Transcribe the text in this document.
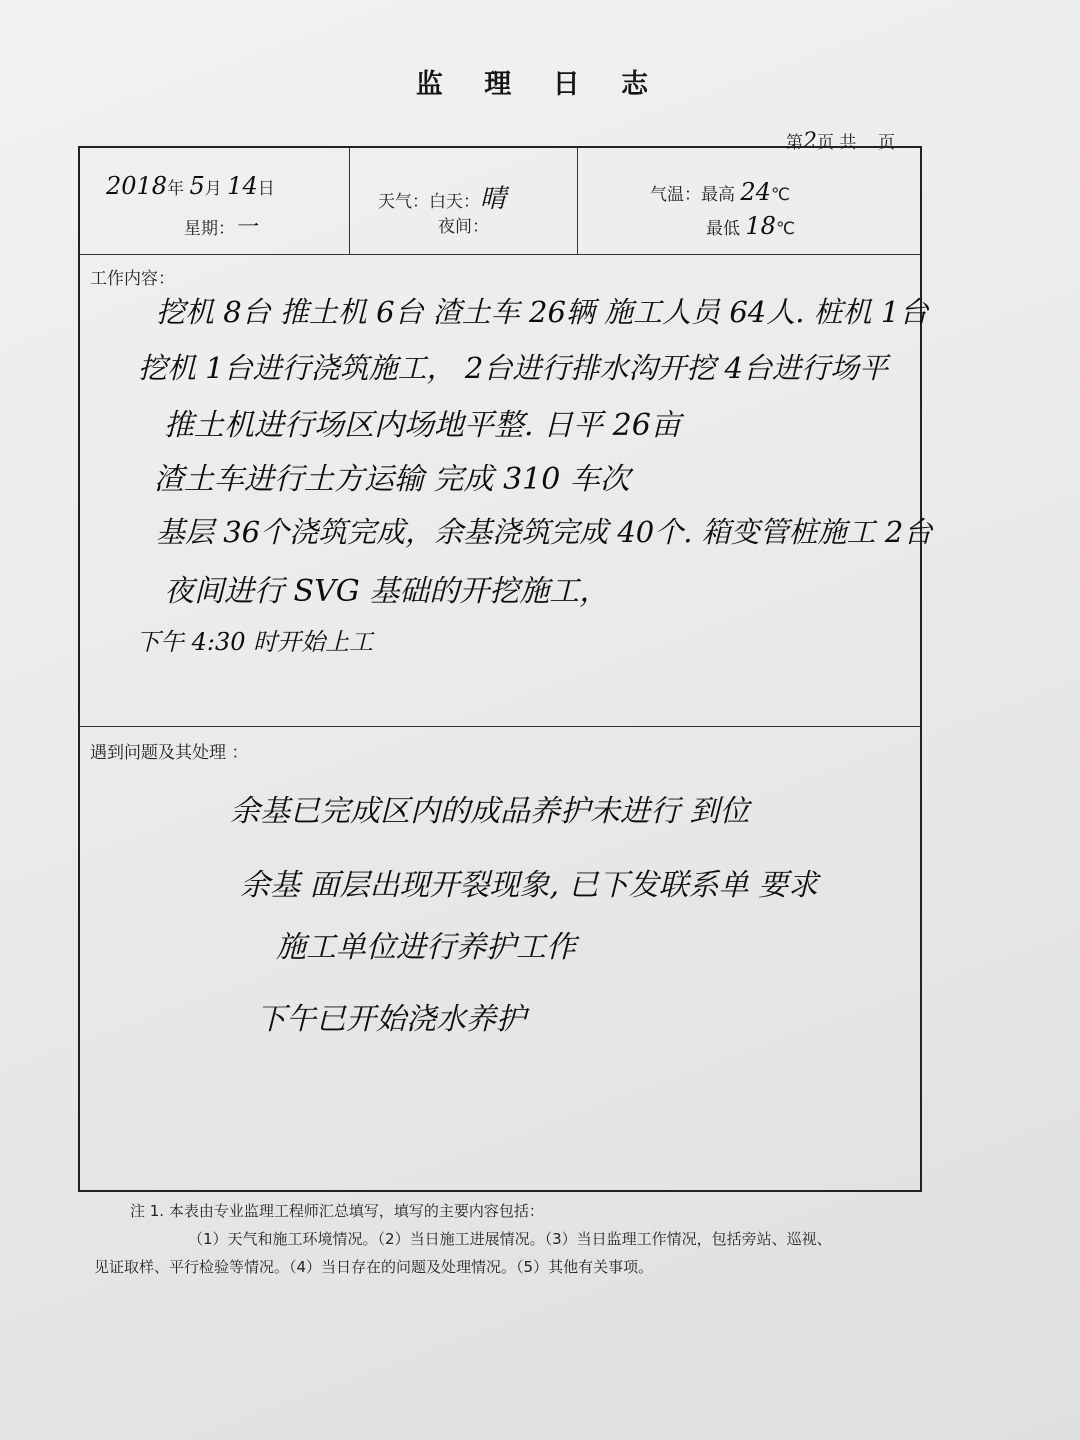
监 理 日 志
第2页 共 页
2018年 5月 14日
星期：一
天气：白天：晴
夜间：
气温：最高 24℃
最低 18℃
工作内容：
挖机 8台 推土机 6台 渣土车 26辆 施工人员 64人. 桩机 1台
挖机 1台进行浇筑施工， 2台进行排水沟开挖 4台进行场平
推土机进行场区内场地平整. 日平 26亩
渣土车进行土方运输 完成 310 车次
基层 36个浇筑完成，余基浇筑完成 40个. 箱变管桩施工 2台
夜间进行 SVG 基础的开挖施工，
下午 4:30 时开始上工
遇到问题及其处理 ：
余基已完成区内的成品养护未进行 到位
余基 面层出现开裂现象, 已下发联系单 要求
施工单位进行养护工作
下午已开始浇水养护
注 1. 本表由专业监理工程师汇总填写，填写的主要内容包括：
（1）天气和施工环境情况。（2）当日施工进展情况。（3）当日监理工作情况，包括旁站、巡视、
见证取样、平行检验等情况。（4）当日存在的问题及处理情况。（5）其他有关事项。
